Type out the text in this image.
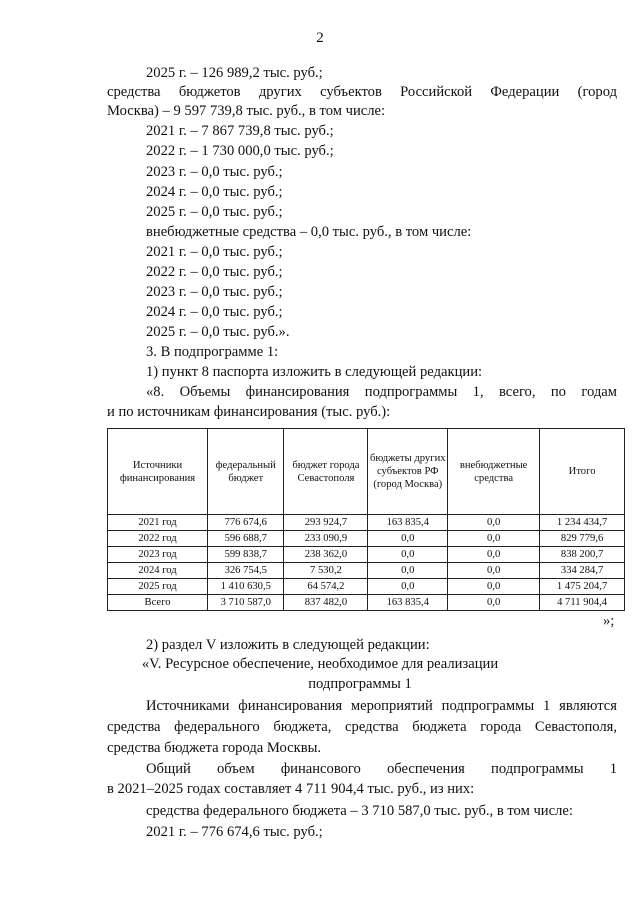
2
2025 г. – 126 989,2 тыс. руб.;
средства бюджетов других субъектов Российской Федерации (город
Москва) – 9 597 739,8 тыс. руб., в том числе:
2021 г. – 7 867 739,8 тыс. руб.;
2022 г. – 1 730 000,0 тыс. руб.;
2023 г. – 0,0 тыс. руб.;
2024 г. – 0,0 тыс. руб.;
2025 г. – 0,0 тыс. руб.;
внебюджетные средства – 0,0 тыс. руб., в том числе:
2021 г. – 0,0 тыс. руб.;
2022 г. – 0,0 тыс. руб.;
2023 г. – 0,0 тыс. руб.;
2024 г. – 0,0 тыс. руб.;
2025 г. – 0,0 тыс. руб.».
3. В подпрограмме 1:
1) пункт 8 паспорта изложить в следующей редакции:
«8. Объемы финансирования подпрограммы 1, всего, по годам
и по источникам финансирования (тыс. руб.):
Источники финансирования	федеральный бюджет	бюджет города Севастополя	бюджеты других субъектов РФ (город Москва)	внебюджетные средства	Итого
2021 год	776 674,6	293 924,7	163 835,4	0,0	1 234 434,7
2022 год	596 688,7	233 090,9	0,0	0,0	829 779,6
2023 год	599 838,7	238 362,0	0,0	0,0	838 200,7
2024 год	326 754,5	7 530,2	0,0	0,0	334 284,7
2025 год	1 410 630,5	64 574,2	0,0	0,0	1 475 204,7
Всего	3 710 587,0	837 482,0	163 835,4	0,0	4 711 904,4
»;
2) раздел V изложить в следующей редакции:
«V. Ресурсное обеспечение, необходимое для реализации
подпрограммы 1
Источниками финансирования мероприятий подпрограммы 1 являются
средства федерального бюджета, средства бюджета города Севастополя,
средства бюджета города Москвы.
Общий объем финансового обеспечения подпрограммы 1
в 2021–2025 годах составляет 4 711 904,4 тыс. руб., из них:
средства федерального бюджета – 3 710 587,0 тыс. руб., в том числе:
2021 г. – 776 674,6 тыс. руб.;
